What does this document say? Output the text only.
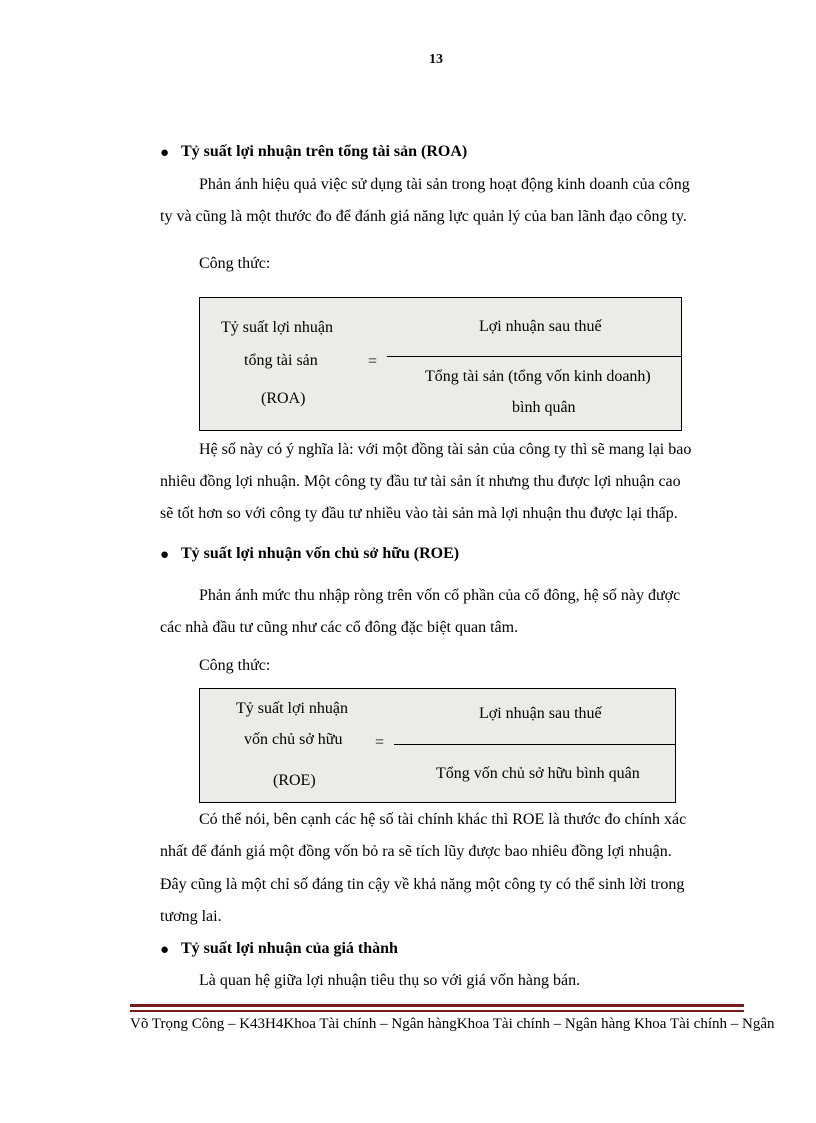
13
● Tỷ suất lợi nhuận trên tổng tài sản (ROA)
Phản ánh hiệu quả việc sử dụng tài sản trong hoạt động kinh doanh của công
ty và cũng là một thước đo để đánh giá năng lực quản lý của ban lãnh đạo công ty.
Công thức:
Tỷ suất lợi nhuận
tổng tài sản
(ROA)
=
Lợi nhuận sau thuế
Tổng tài sản (tổng vốn kinh doanh)
bình quân
Hệ số này có ý nghĩa là: với một đồng tài sản của công ty thì sẽ mang lại bao
nhiêu đồng lợi nhuận. Một công ty đầu tư tài sản ít nhưng thu được lợi nhuận cao
sẽ tốt hơn so với công ty đầu tư nhiều vào tài sản mà lợi nhuận thu được lại thấp.
● Tỷ suất lợi nhuận vốn chủ sở hữu (ROE)
Phản ánh mức thu nhập ròng trên vốn cổ phần của cổ đông, hệ số này được
các nhà đầu tư cũng như các cổ đông đặc biệt quan tâm.
Công thức:
Tỷ suất lợi nhuận
vốn chủ sở hữu
(ROE)
=
Lợi nhuận sau thuế
Tổng vốn chủ sở hữu bình quân
Có thể nói, bên cạnh các hệ số tài chính khác thì ROE là thước đo chính xác
nhất để đánh giá một đồng vốn bỏ ra sẽ tích lũy được bao nhiêu đồng lợi nhuận.
Đây cũng là một chỉ số đáng tin cậy về khả năng một công ty có thể sinh lời trong
tương lai.
● Tỷ suất lợi nhuận của giá thành
Là quan hệ giữa lợi nhuận tiêu thụ so với giá vốn hàng bán.
Võ Trọng Công – K43H4Khoa Tài chính – Ngân hàngKhoa Tài chính – Ngân hàng Khoa Tài chính – Ngân
